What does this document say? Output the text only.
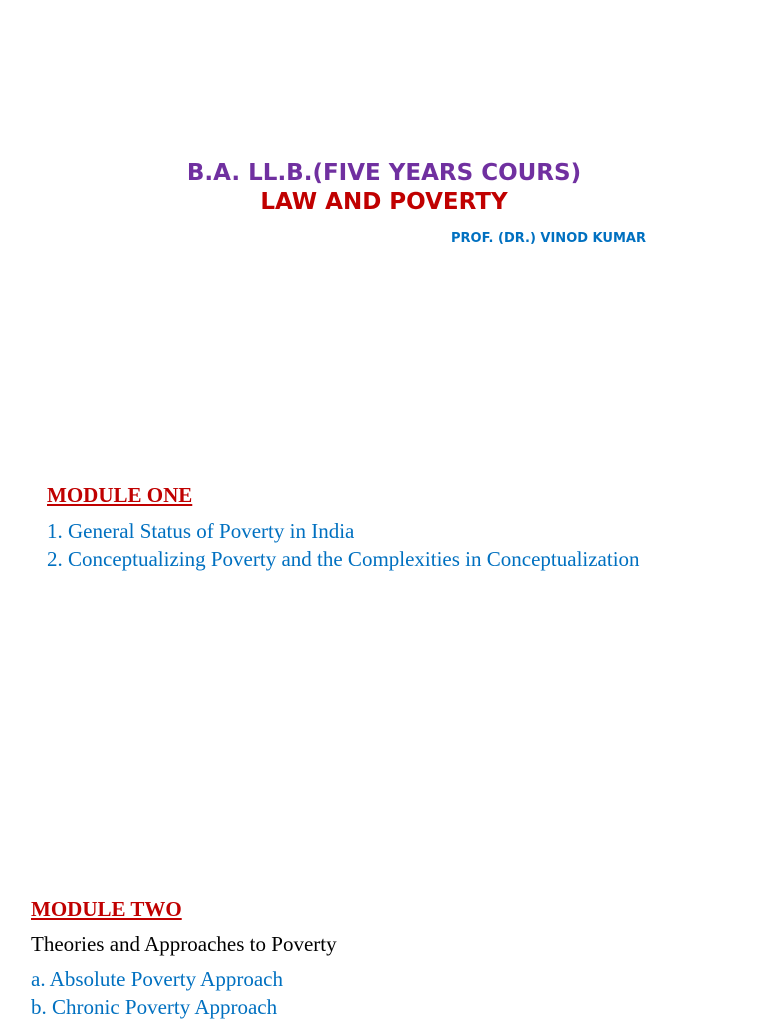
B.A. LL.B.(FIVE YEARS COURS)
LAW AND POVERTY
PROF. (DR.) VINOD KUMAR
MODULE ONE
1. General Status of Poverty in India
2. Conceptualizing Poverty and the Complexities in Conceptualization
MODULE TWO
Theories and Approaches to Poverty
a. Absolute Poverty Approach
b. Chronic Poverty Approach
